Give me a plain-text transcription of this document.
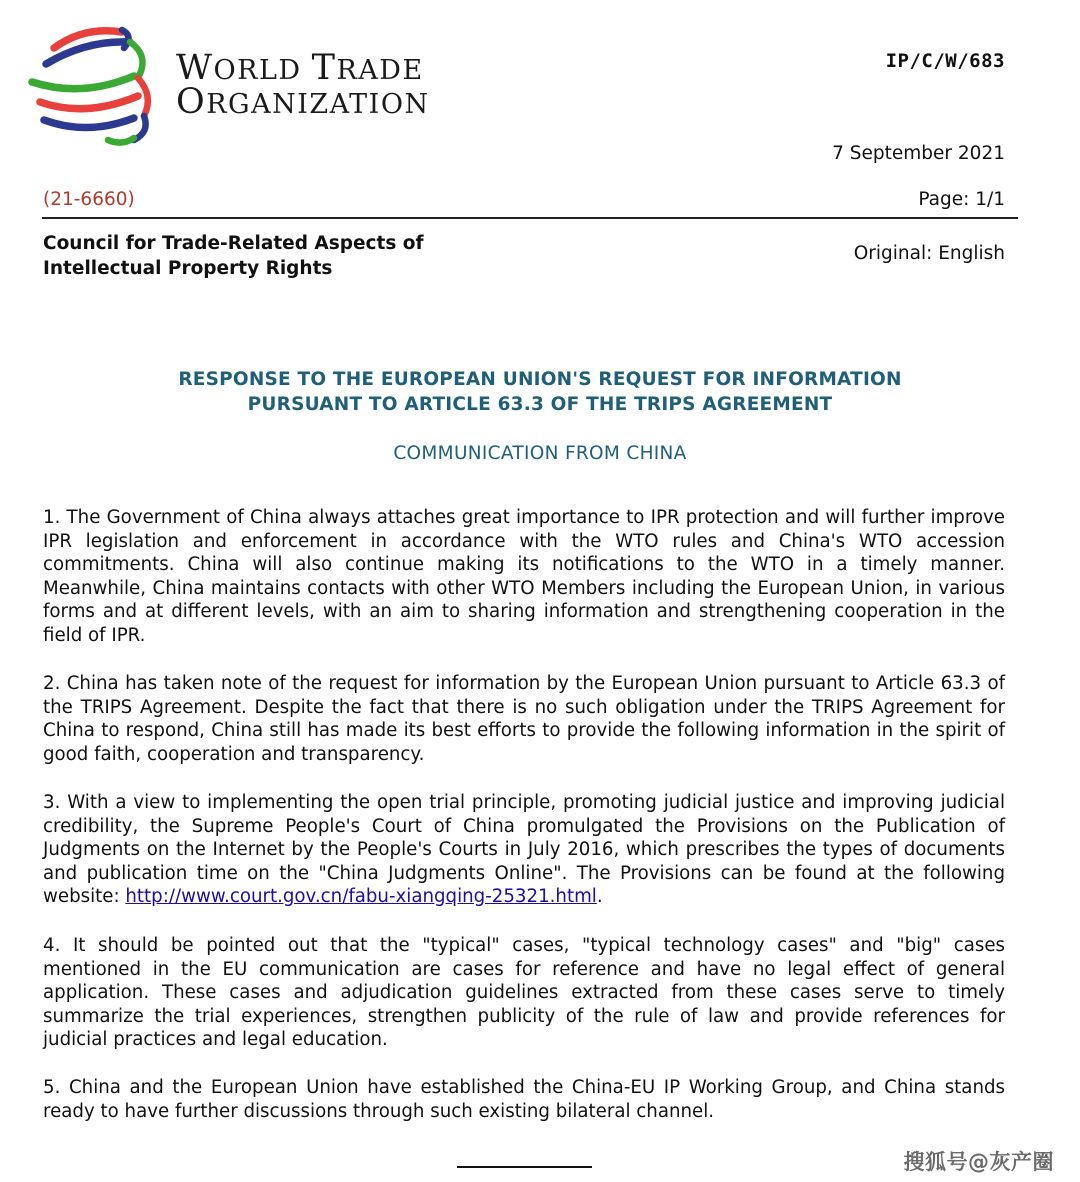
WORLD TRADE
ORGANIZATION
IP/C/W/683
7 September 2021
(21-6660)	Page: 1/1
Council for Trade-Related Aspects of
Intellectual Property Rights
Original: English
RESPONSE TO THE EUROPEAN UNION'S REQUEST FOR INFORMATION
PURSUANT TO ARTICLE 63.3 OF THE TRIPS AGREEMENT
COMMUNICATION FROM CHINA

1. The Government of China always attaches great importance to IPR protection and will further improve IPR legislation and enforcement in accordance with the WTO rules and China's WTO accession commitments. China will also continue making its notifications to the WTO in a timely manner. Meanwhile, China maintains contacts with other WTO Members including the European Union, in various forms and at different levels, with an aim to sharing information and strengthening cooperation in the field of IPR.

2. China has taken note of the request for information by the European Union pursuant to Article 63.3 of the TRIPS Agreement. Despite the fact that there is no such obligation under the TRIPS Agreement for China to respond, China still has made its best efforts to provide the following information in the spirit of good faith, cooperation and transparency.

3. With a view to implementing the open trial principle, promoting judicial justice and improving judicial credibility, the Supreme People's Court of China promulgated the Provisions on the Publication of Judgments on the Internet by the People's Courts in July 2016, which prescribes the types of documents and publication time on the "China Judgments Online". The Provisions can be found at the following website: http://www.court.gov.cn/fabu-xiangqing-25321.html.

4. It should be pointed out that the "typical" cases, "typical technology cases" and "big" cases mentioned in the EU communication are cases for reference and have no legal effect of general application. These cases and adjudication guidelines extracted from these cases serve to timely summarize the trial experiences, strengthen publicity of the rule of law and provide references for judicial practices and legal education.

5. China and the European Union have established the China-EU IP Working Group, and China stands ready to have further discussions through such existing bilateral channel.

搜狐号@灰产圈
